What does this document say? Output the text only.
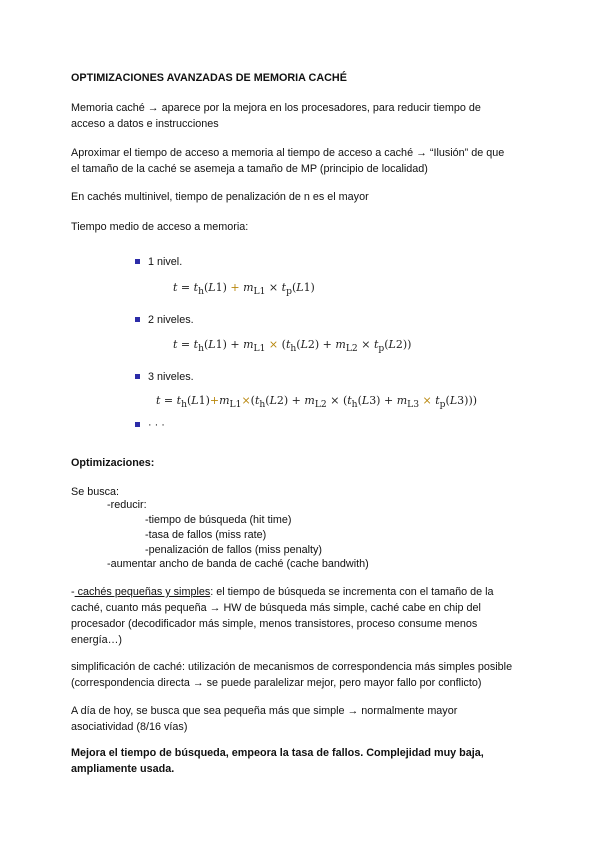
OPTIMIZACIONES AVANZADAS DE MEMORIA CACHÉ
Memoria caché → aparece por la mejora en los procesadores, para reducir tiempo de
acceso a datos e instrucciones
Aproximar el tiempo de acceso a memoria al tiempo de acceso a caché → “Ilusión” de que
el tamaño de la caché se asemeja a tamaño de MP (principio de localidad)
En cachés multinivel, tiempo de penalización de n es el mayor
Tiempo medio de acceso a memoria:
1 nivel.
$t = t_h(L1) + m_{L1} \times t_p(L1)$
2 niveles.
$t = t_h(L1) + m_{L1} \times (t_h(L2) + m_{L2} \times t_p(L2))$
3 niveles.
$t = t_h(L1)+m_{L1}\times(t_h(L2) + m_{L2} \times (t_h(L3) + m_{L3} \times t_p(L3)))$
· · ·
Optimizaciones:
Se busca:
-reducir:
-tiempo de búsqueda (hit time)
-tasa de fallos (miss rate)
-penalización de fallos (miss penalty)
-aumentar ancho de banda de caché (cache bandwith)
- cachés pequeñas y simples: el tiempo de búsqueda se incrementa con el tamaño de la
caché, cuanto más pequeña → HW de búsqueda más simple, caché cabe en chip del
procesador (decodificador más simple, menos transistores, proceso consume menos
energía…)
simplificación de caché: utilización de mecanismos de correspondencia más simples posible
(correspondencia directa → se puede paralelizar mejor, pero mayor fallo por conflicto)
A día de hoy, se busca que sea pequeña más que simple → normalmente mayor
asociatividad (8/16 vías)
Mejora el tiempo de búsqueda, empeora la tasa de fallos. Complejidad muy baja,
ampliamente usada.
